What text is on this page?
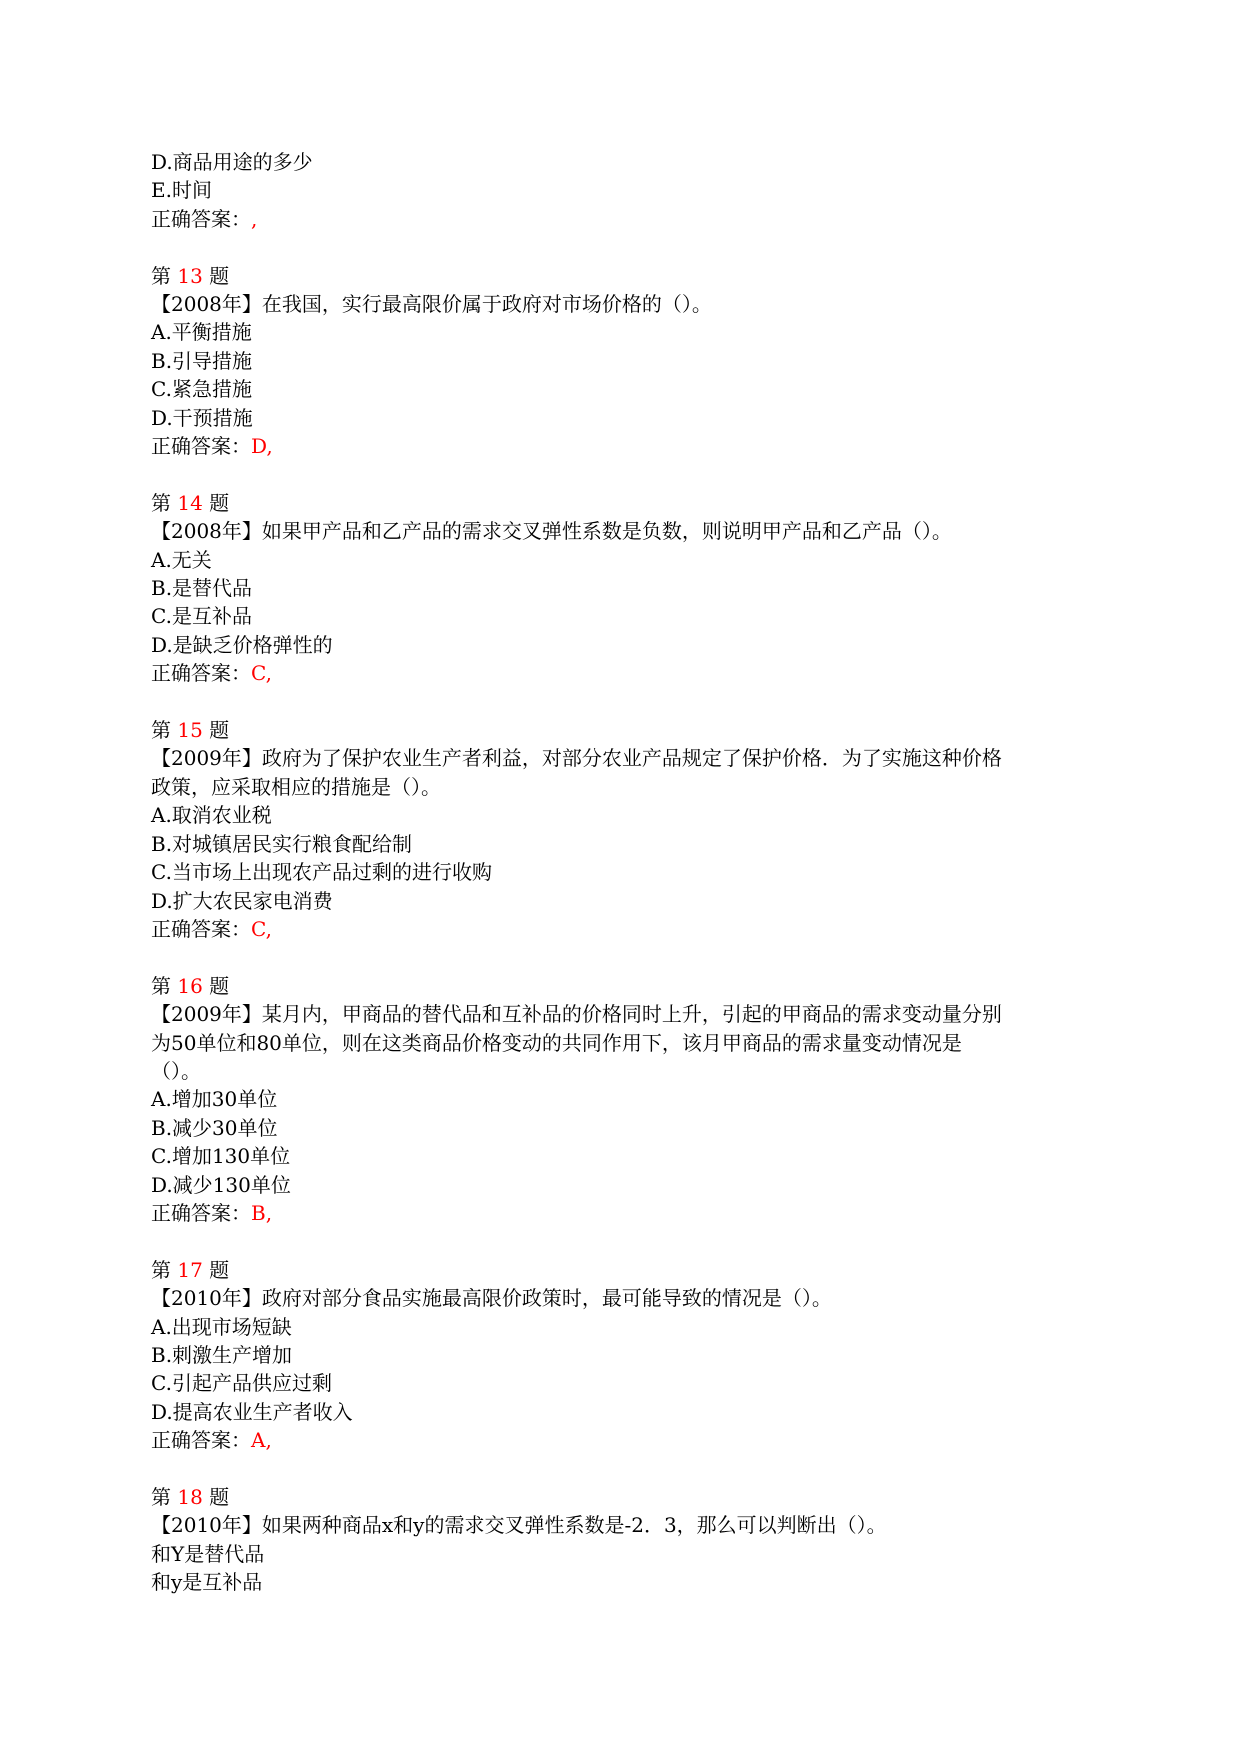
D.商品用途的多少
E.时间
正确答案：,
第 13 题
【2008年】在我国，实行最高限价属于政府对市场价格的（）。
A.平衡措施
B.引导措施
C.紧急措施
D.干预措施
正确答案：D,
第 14 题
【2008年】如果甲产品和乙产品的需求交叉弹性系数是负数，则说明甲产品和乙产品（）。
A.无关
B.是替代品
C.是互补品
D.是缺乏价格弹性的
正确答案：C,
第 15 题
【2009年】政府为了保护农业生产者利益，对部分农业产品规定了保护价格．为了实施这种价格
政策，应采取相应的措施是（）。
A.取消农业税
B.对城镇居民实行粮食配给制
C.当市场上出现农产品过剩的进行收购
D.扩大农民家电消费
正确答案：C,
第 16 题
【2009年】某月内，甲商品的替代品和互补品的价格同时上升，引起的甲商品的需求变动量分别
为50单位和80单位，则在这类商品价格变动的共同作用下，该月甲商品的需求量变动情况是
（）。
A.增加30单位
B.减少30单位
C.增加130单位
D.减少130单位
正确答案：B,
第 17 题
【2010年】政府对部分食品实施最高限价政策时，最可能导致的情况是（）。
A.出现市场短缺
B.刺激生产增加
C.引起产品供应过剩
D.提高农业生产者收入
正确答案：A,
第 18 题
【2010年】如果两种商品x和y的需求交叉弹性系数是-2．3，那么可以判断出（）。
和Y是替代品
和y是互补品
